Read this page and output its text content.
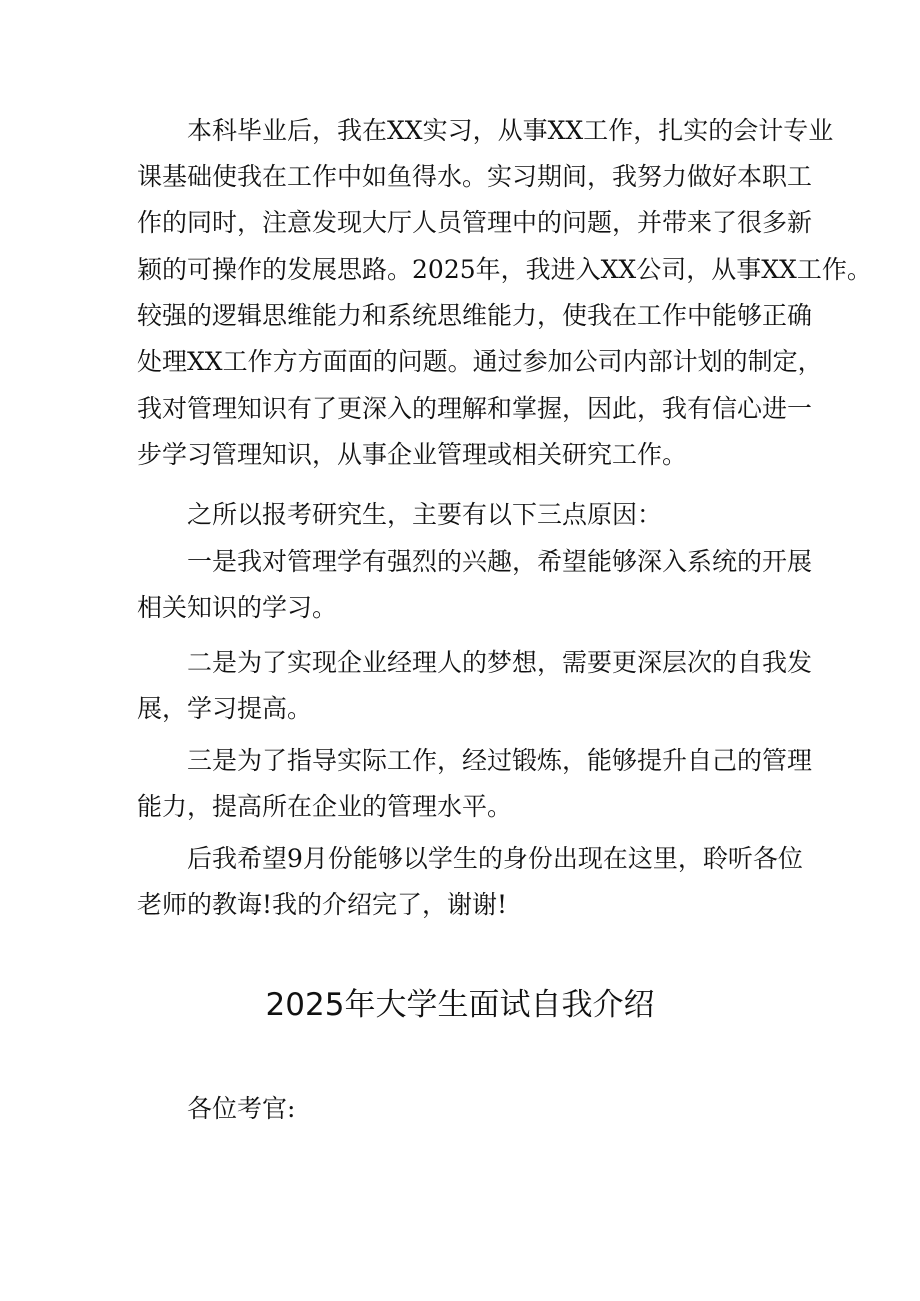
本科毕业后，我在XX实习，从事XX工作，扎实的会计专业
课基础使我在工作中如鱼得水。实习期间，我努力做好本职工
作的同时，注意发现大厅人员管理中的问题，并带来了很多新
颖的可操作的发展思路。2025年，我进入XX公司，从事XX工作。
较强的逻辑思维能力和系统思维能力，使我在工作中能够正确
处理XX工作方方面面的问题。通过参加公司内部计划的制定，
我对管理知识有了更深入的理解和掌握，因此，我有信心进一
步学习管理知识，从事企业管理或相关研究工作。
之所以报考研究生，主要有以下三点原因：
一是我对管理学有强烈的兴趣，希望能够深入系统的开展
相关知识的学习。
二是为了实现企业经理人的梦想，需要更深层次的自我发
展，学习提高。
三是为了指导实际工作，经过锻炼，能够提升自己的管理
能力，提高所在企业的管理水平。
后我希望9月份能够以学生的身份出现在这里，聆听各位
老师的教诲!我的介绍完了，谢谢!
2025年大学生面试自我介绍
各位考官:
